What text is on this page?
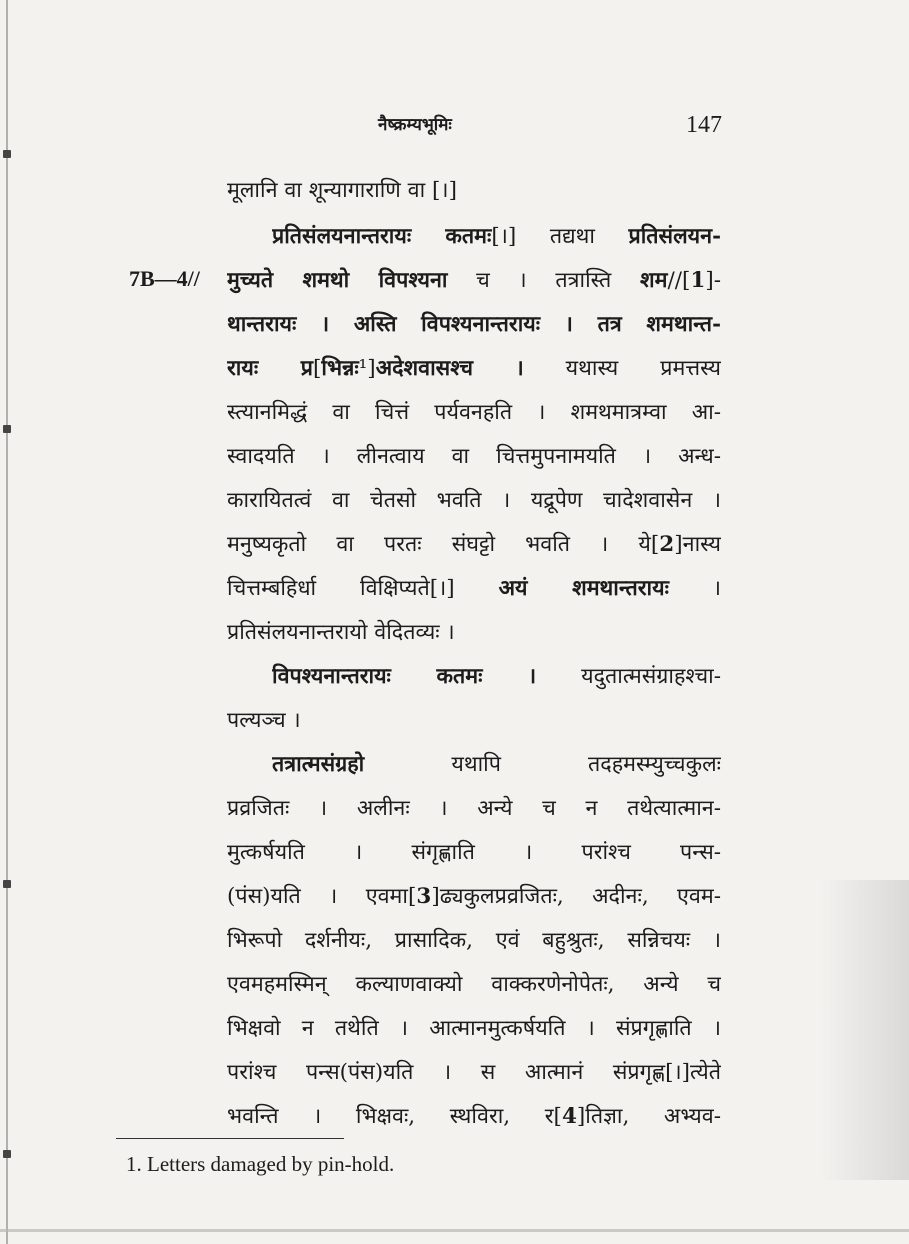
नैष्क्रम्यभूमिः	147
7B—4//
मूलानि वा शून्यागाराणि वा [।]
प्रतिसंलयनान्तरायः कतमः[।] तद्यथा प्रतिसंलयन-
मुच्यते शमथो विपश्यना च । तत्रास्ति शम//[1]-
थान्तरायः । अस्ति विपश्यनान्तरायः । तत्र शमथान्त-
रायः प्र[भिन्नः¹]अदेशवासश्च । यथास्य प्रमत्तस्य
स्त्यानमिद्धं वा चित्तं पर्यवनहति । शमथमात्रम्वा आ-
स्वादयति । लीनत्वाय वा चित्तमुपनामयति । अन्ध-
कारायितत्वं वा चेतसो भवति । यद्रूपेण चादेशवासेन ।
मनुष्यकृतो वा परतः संघट्टो भवति । ये[2]नास्य
चित्तम्बहिर्धा विक्षिप्यते[।] अयं शमथान्तरायः ।
प्रतिसंलयनान्तरायो वेदितव्यः ।
विपश्यनान्तरायः कतमः । यदुतात्मसंग्राहश्चा-
पल्यञ्च ।
तत्रात्मसंग्रहो यथापि तदहमस्म्युच्चकुलः
प्रव्रजितः । अलीनः । अन्ये च न तथेत्यात्मान-
मुत्कर्षयति । संगृह्णाति । परांश्च पन्स-
(पंस)यति । एवमा[3]ढ्यकुलप्रव्रजितः, अदीनः, एवम-
भिरूपो दर्शनीयः, प्रासादिक, एवं बहुश्रुतः, सन्निचयः ।
एवमहमस्मिन् कल्याणवाक्यो वाक्करणेनोपेतः, अन्ये च
भिक्षवो न तथेति । आत्मानमुत्कर्षयति । संप्रगृह्णाति ।
परांश्च पन्स(पंस)यति । स आत्मानं संप्रगृह्ण[।]त्येते
भवन्ति । भिक्षवः, स्थविरा, र[4]तिज्ञा, अभ्यव-
1. Letters damaged by pin-hold.
